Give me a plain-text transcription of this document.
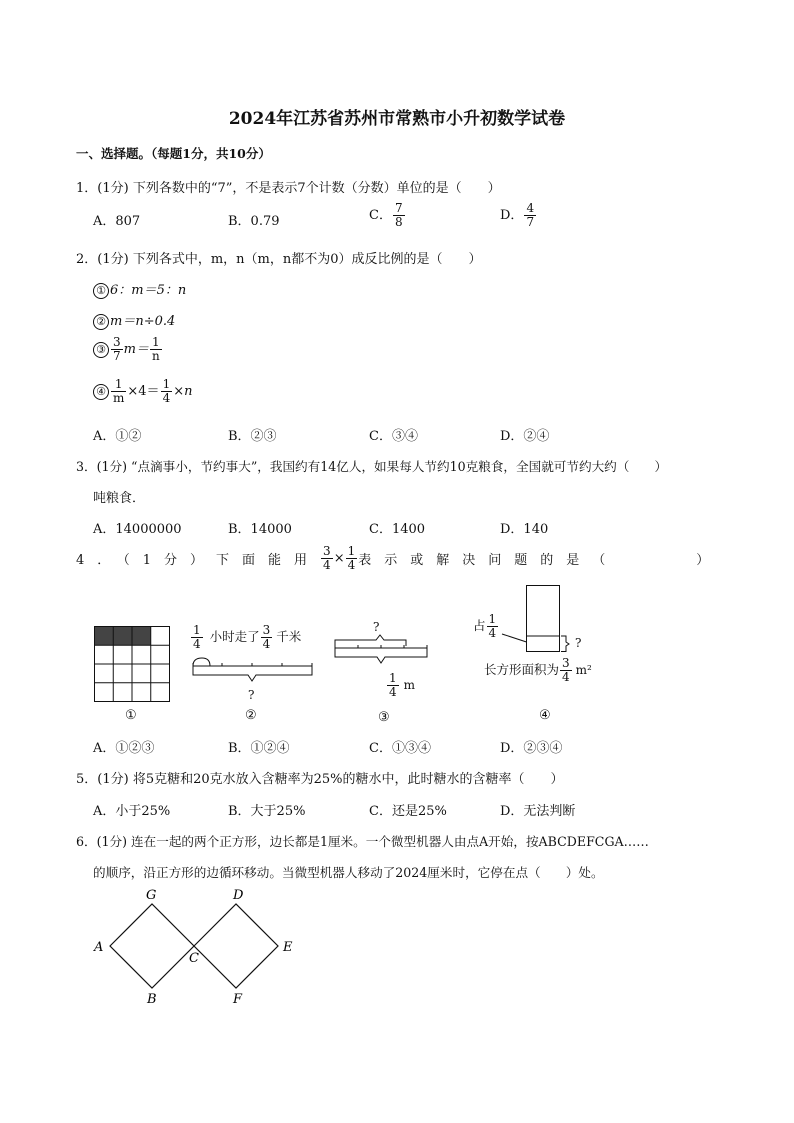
2024年江苏省苏州市常熟市小升初数学试卷
一、选择题。（每题1分，共10分）
1．(1分) 下列各数中的“7”，不是表示7个计数（分数）单位的是（　　）
A．807	B．0.79	C． $\frac{7}{8}$	D． $\frac{4}{7}$
2．(1分) 下列各式中，m，n（m，n都不为0）成反比例的是（　　）
① 6：m＝5：n
② m＝n÷0.4
③ $\frac{3}{7} m= \frac{1}{n}$
④ $\frac{1}{m} \times 4= \frac{1}{4} \times n$
A．①②	B．②③	C．③④	D．②④
3．(1分) “点滴事小，节约事大”，我国约有14亿人，如果每人节约10克粮食，全国就可节约大约（　　）
吨粮食．
A．14000000	B．14000	C．1400	D．140
4．（1分）下面能用 $\frac{3}{4} \times \frac{1}{4}$ 表示或解决问题的是（　　　）
①
$\frac{1}{4}$ 小时走了 $\frac{3}{4}$ 千米
?
②
?
$\frac{1}{4}$ m
③
占 $\frac{1}{4}$
?
长方形面积为 $\frac{3}{4} m^2$
④
A．①②③	B．①②④	C．①③④	D．②③④
5．(1分) 将5克糖和20克水放入含糖率为25%的糖水中，此时糖水的含糖率（　　）
A．小于25%	B．大于25%	C．还是25%	D．无法判断
6．(1分) 连在一起的两个正方形，边长都是1厘米。一个微型机器人由点A开始，按ABCDEFCGA……
的顺序，沿正方形的边循环移动。当微型机器人移动了2024厘米时，它停在点（　　）处。
A
B
C
D
E
F
G
